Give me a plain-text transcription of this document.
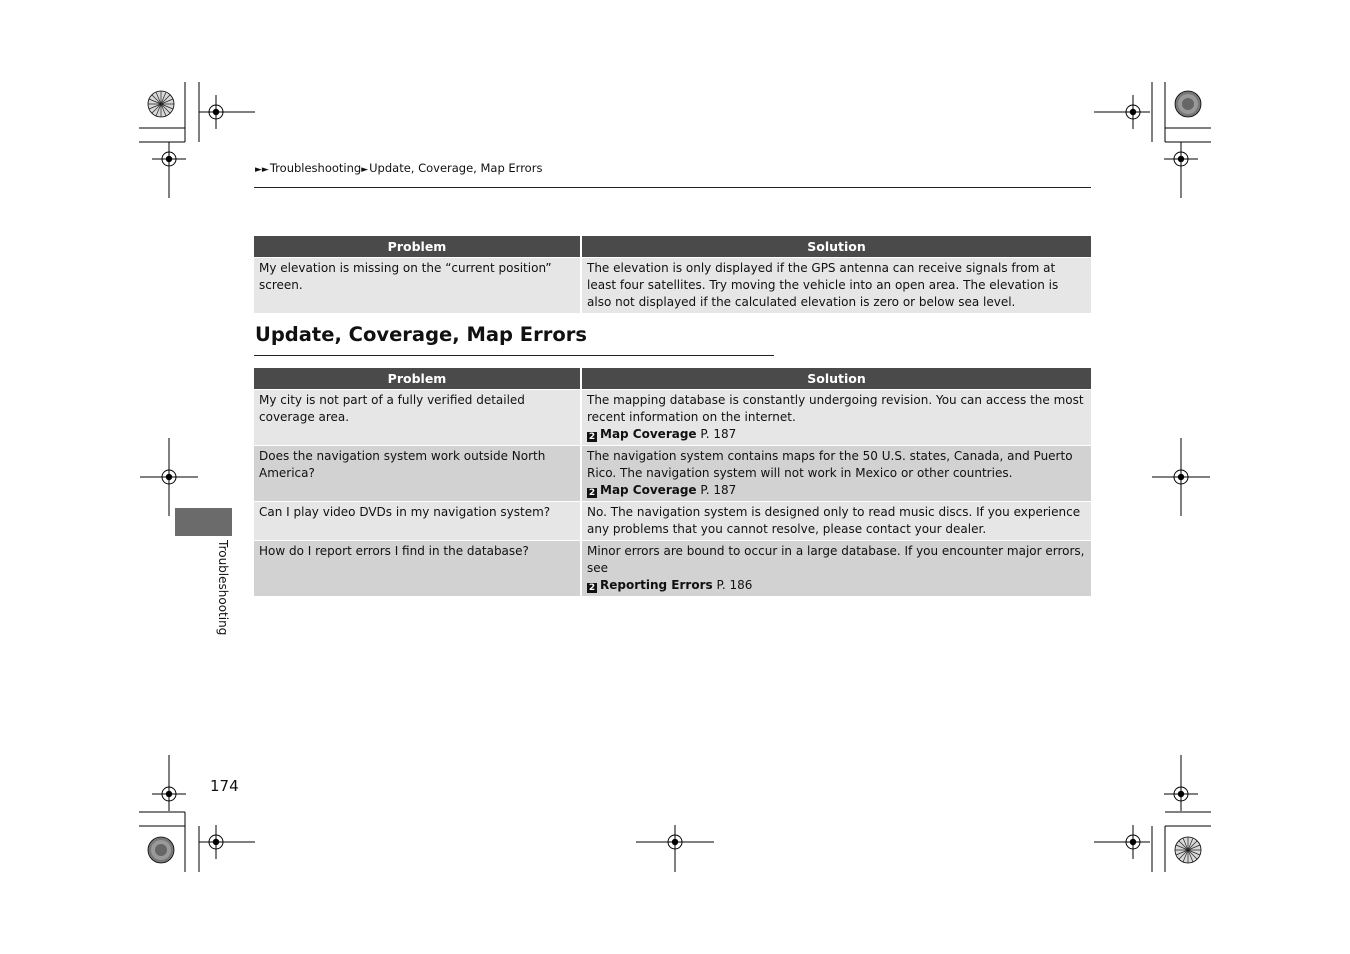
►►Troubleshooting►Update, Coverage, Map Errors
Problem	Solution
My elevation is missing on the “current position” screen.	The elevation is only displayed if the GPS antenna can receive signals from at least four satellites. Try moving the vehicle into an open area. The elevation is also not displayed if the calculated elevation is zero or below sea level.
Update, Coverage, Map Errors
Problem	Solution
My city is not part of a fully verified detailed coverage area.	The mapping database is constantly undergoing revision. You can access the most recent information on the internet.
2 Map Coverage P. 187

Does the navigation system work outside North America?	The navigation system contains maps for the 50 U.S. states, Canada, and Puerto Rico. The navigation system will not work in Mexico or other countries.
2 Map Coverage P. 187

Can I play video DVDs in my navigation system?	No. The navigation system is designed only to read music discs. If you experience any problems that you cannot resolve, please contact your dealer.
How do I report errors I find in the database?	Minor errors are bound to occur in a large database. If you encounter major errors, see
2 Reporting Errors P. 186
Troubleshooting
174
